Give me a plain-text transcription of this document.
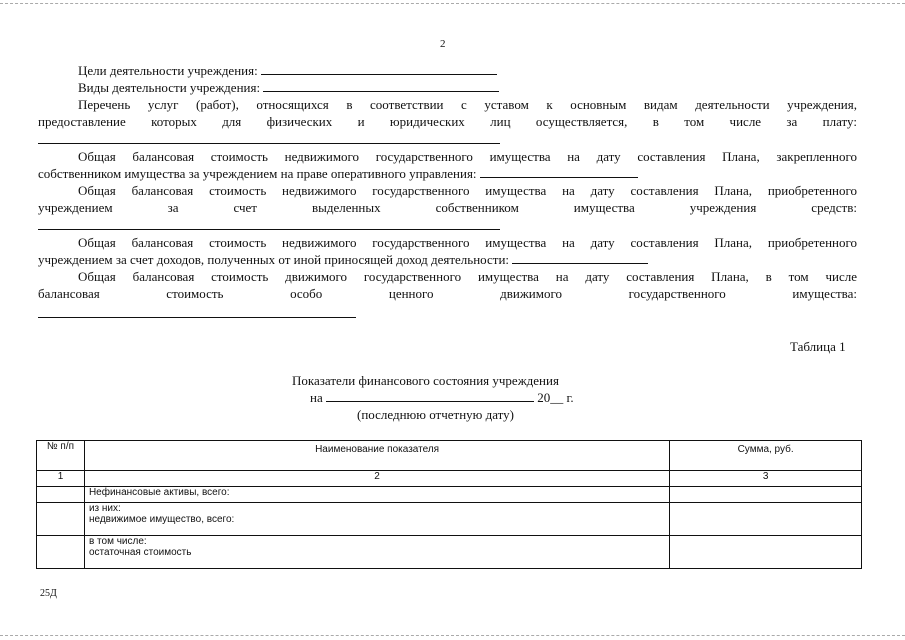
2
Цели деятельности учреждения:
Виды деятельности учреждения:
Перечень услуг (работ), относящихся в соответствии с уставом к основным видам деятельности учреждения,
предоставление которых для физических и юридических лиц осуществляется, в том числе за плату:
Общая балансовая стоимость недвижимого государственного имущества на дату составления Плана, закрепленного
собственником имущества за учреждением на праве оперативного управления:
Общая балансовая стоимость недвижимого государственного имущества на дату составления Плана, приобретенного
учреждением за счет выделенных собственником имущества учреждения средств:
Общая балансовая стоимость недвижимого государственного имущества на дату составления Плана, приобретенного
учреждением за счет доходов, полученных от иной приносящей доход деятельности:
Общая балансовая стоимость движимого государственного имущества на дату составления Плана, в том числе
балансовая стоимость особо ценного движимого государственного имущества:
Таблица 1
Показатели финансового состояния учреждения
на	20__ г.
(последнюю отчетную дату)
№ п/п	Наименование показателя	Сумма, руб.
1	2	3
	Нефинансовые активы, всего:	

	из них:
недвижимое имущество, всего:	

	в том числе:
остаточная стоимость	

25Д
